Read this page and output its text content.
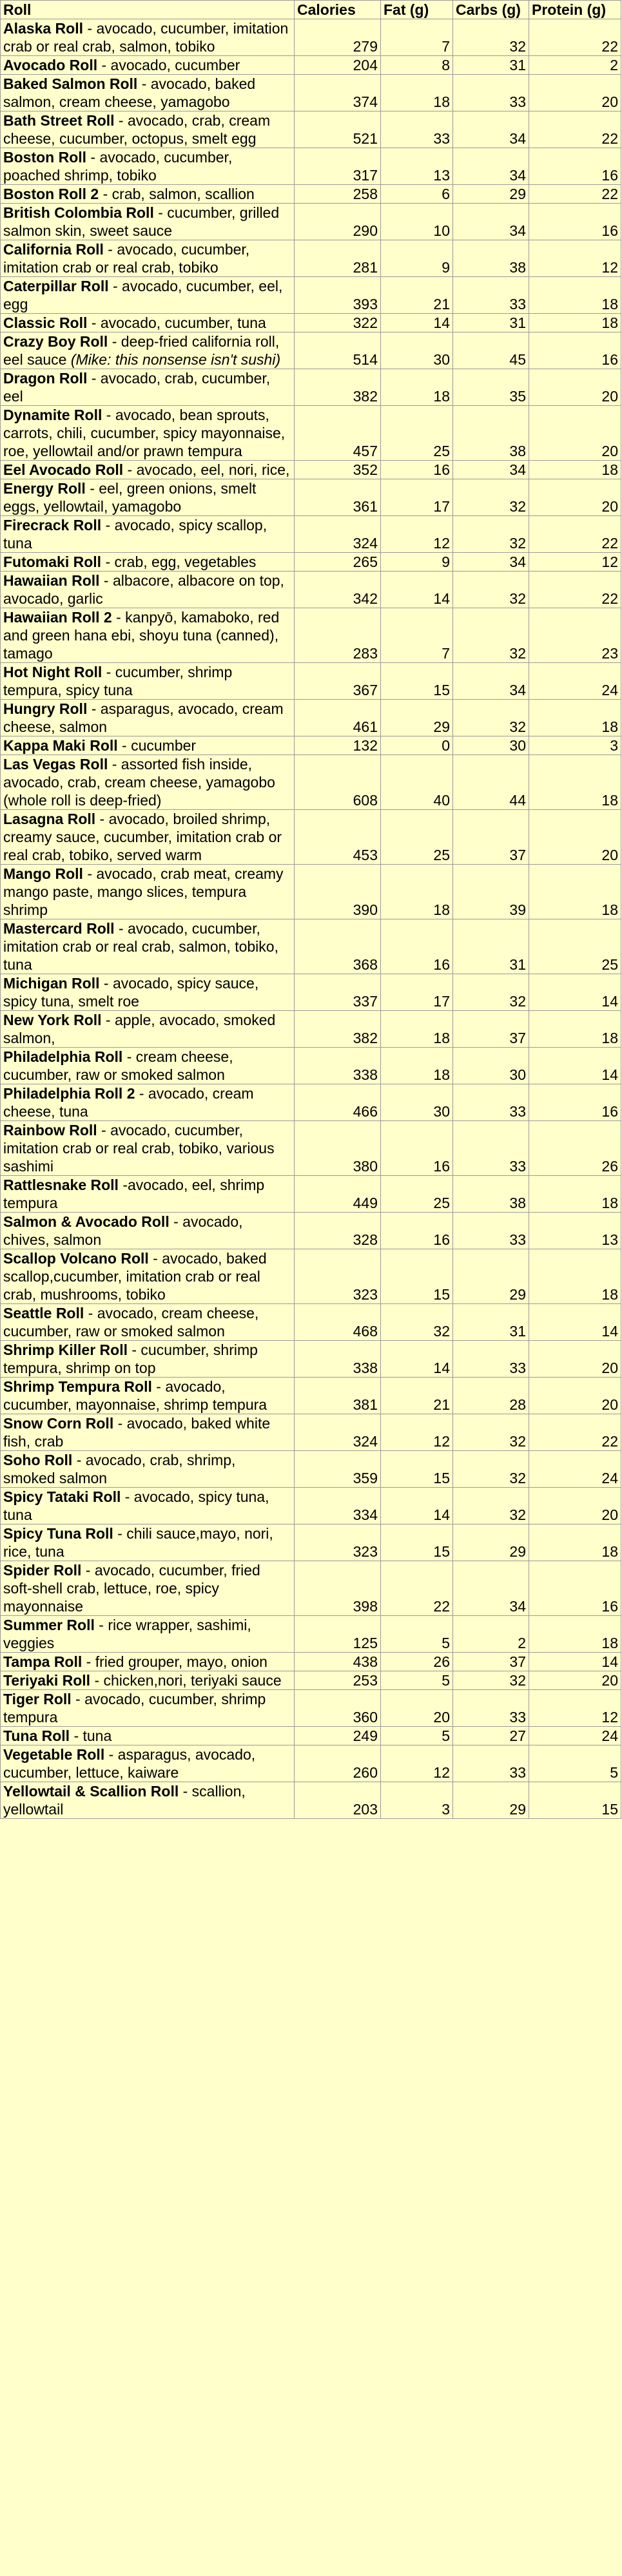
Roll	Calories	Fat (g)	Carbs (g)	Protein (g)
Alaska Roll - avocado, cucumber, imitation crab or real crab, salmon, tobiko	279	7	32	22
Avocado Roll - avocado, cucumber	204	8	31	2
Baked Salmon Roll - avocado, baked salmon, cream cheese, yamagobo	374	18	33	20
Bath Street Roll - avocado, crab, cream cheese, cucumber, octopus, smelt egg	521	33	34	22
Boston Roll - avocado, cucumber, poached shrimp, tobiko	317	13	34	16
Boston Roll 2 - crab, salmon, scallion	258	6	29	22
British Colombia Roll - cucumber, grilled salmon skin, sweet sauce	290	10	34	16
California Roll - avocado, cucumber, imitation crab or real crab, tobiko	281	9	38	12
Caterpillar Roll - avocado, cucumber, eel, egg	393	21	33	18
Classic Roll - avocado, cucumber, tuna	322	14	31	18
Crazy Boy Roll - deep-fried california roll, eel sauce (Mike: this nonsense isn't sushi)	514	30	45	16
Dragon Roll - avocado, crab, cucumber, eel	382	18	35	20
Dynamite Roll - avocado, bean sprouts, carrots, chili, cucumber, spicy mayonnaise, roe, yellowtail and/or prawn tempura	457	25	38	20
Eel Avocado Roll - avocado, eel, nori, rice,	352	16	34	18
Energy Roll - eel, green onions, smelt eggs, yellowtail, yamagobo	361	17	32	20
Firecrack Roll - avocado, spicy scallop, tuna	324	12	32	22
Futomaki Roll - crab, egg, vegetables	265	9	34	12
Hawaiian Roll - albacore, albacore on top, avocado, garlic	342	14	32	22
Hawaiian Roll 2 - kanpyō, kamaboko, red and green hana ebi, shoyu tuna (canned), tamago	283	7	32	23
Hot Night Roll - cucumber, shrimp tempura, spicy tuna	367	15	34	24
Hungry Roll - asparagus, avocado, cream cheese, salmon	461	29	32	18
Kappa Maki Roll - cucumber	132	0	30	3
Las Vegas Roll - assorted fish inside, avocado, crab, cream cheese, yamagobo (whole roll is deep-fried)	608	40	44	18
Lasagna Roll - avocado, broiled shrimp, creamy sauce, cucumber, imitation crab or real crab, tobiko, served warm	453	25	37	20
Mango Roll - avocado, crab meat, creamy mango paste, mango slices, tempura shrimp	390	18	39	18
Mastercard Roll - avocado, cucumber, imitation crab or real crab, salmon, tobiko, tuna	368	16	31	25
Michigan Roll - avocado, spicy sauce, spicy tuna, smelt roe	337	17	32	14
New York Roll - apple, avocado, smoked salmon,	382	18	37	18
Philadelphia Roll - cream cheese, cucumber, raw or smoked salmon	338	18	30	14
Philadelphia Roll 2 - avocado, cream cheese, tuna	466	30	33	16
Rainbow Roll - avocado, cucumber, imitation crab or real crab, tobiko, various sashimi	380	16	33	26
Rattlesnake Roll -avocado, eel, shrimp tempura	449	25	38	18
Salmon & Avocado Roll - avocado, chives, salmon	328	16	33	13
Scallop Volcano Roll - avocado, baked scallop,cucumber, imitation crab or real crab, mushrooms, tobiko	323	15	29	18
Seattle Roll - avocado, cream cheese, cucumber, raw or smoked salmon	468	32	31	14
Shrimp Killer Roll - cucumber, shrimp tempura, shrimp on top	338	14	33	20
Shrimp Tempura Roll - avocado, cucumber, mayonnaise, shrimp tempura	381	21	28	20
Snow Corn Roll - avocado, baked white fish, crab	324	12	32	22
Soho Roll - avocado, crab, shrimp, smoked salmon	359	15	32	24
Spicy Tataki Roll - avocado, spicy tuna, tuna	334	14	32	20
Spicy Tuna Roll - chili sauce,mayo, nori, rice, tuna	323	15	29	18
Spider Roll - avocado, cucumber, fried soft-shell crab, lettuce, roe, spicy mayonnaise	398	22	34	16
Summer Roll - rice wrapper, sashimi, veggies	125	5	2	18
Tampa Roll - fried grouper, mayo, onion	438	26	37	14
Teriyaki Roll - chicken,nori, teriyaki sauce	253	5	32	20
Tiger Roll - avocado, cucumber, shrimp tempura	360	20	33	12
Tuna Roll - tuna	249	5	27	24
Vegetable Roll - asparagus, avocado, cucumber, lettuce, kaiware	260	12	33	5
Yellowtail & Scallion Roll - scallion, yellowtail	203	3	29	15
